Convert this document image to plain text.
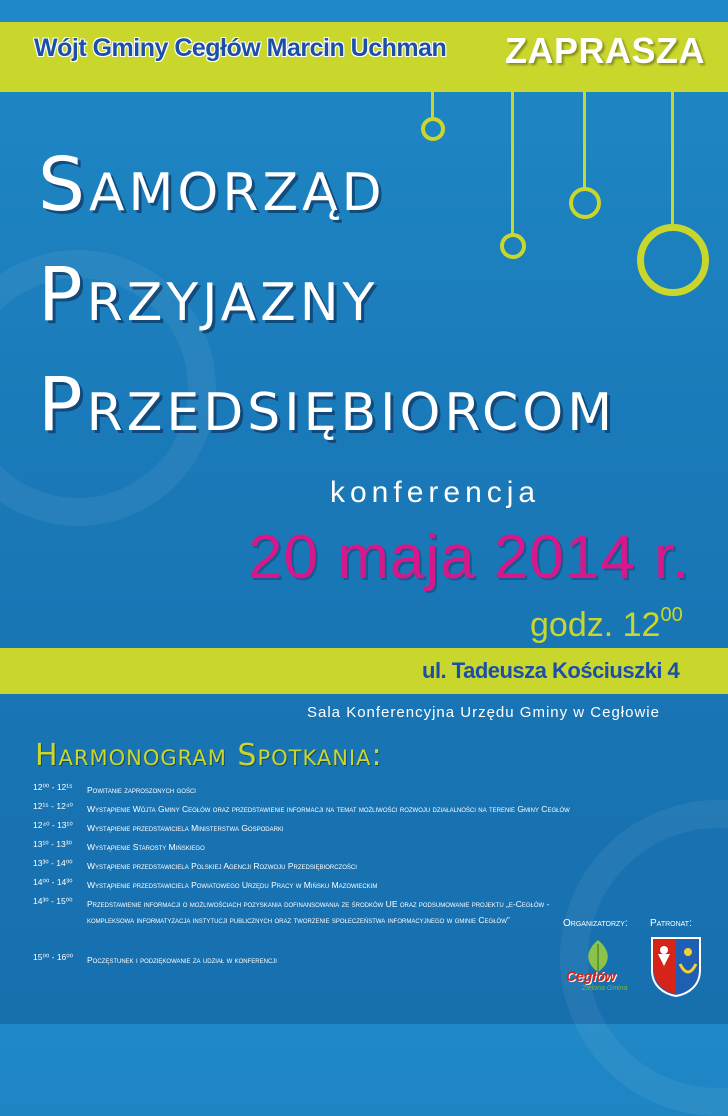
Wójt Gminy Cegłów Marcin Uchman ZAPRASZA
Samorząd
Przyjazny
Przedsiębiorcom
konferencja
20 maja 2014 r.
godz. $12^{00}$
ul. Tadeusza Kościuszki 4
Sala Konferencyjna Urzędu Gminy w Cegłowie
Harmonogram Spotkania:
12⁰⁰ - 12¹⁵	Powitanie zaproszonych gości
12¹⁵ - 12⁴⁰	Wystąpienie Wójta Gminy Cegłów oraz przedstawienie informacji na temat możliwości rozwoju działalności na terenie Gminy Cegłów
12⁴⁰ - 13¹⁰	Wystąpienie przedstawiciela Ministerstwa Gospodarki
13¹⁰ - 13³⁰	Wystąpienie Starosty Mińskiego
13³⁰ - 14⁰⁰	Wystąpienie przedstawiciela Polskiej Agencji Rozwoju Przedsiębiorczości
14⁰⁰ - 14³⁰	Wystąpienie przedstawiciela Powiatowego Urzędu Pracy w Mińsku Mazowieckim
14³⁰ - 15⁰⁰	Przedstawienie informacji o możliwościach pozyskania dofinansowania ze środków UE oraz podsumowanie projektu „e-Cegłów - kompleksowa informatyzacja instytucji publicznych oraz tworzenie społeczeństwa informacyjnego w gminie Cegłów”
15⁰⁰ - 16⁰⁰	Poczęstunek i podziękowanie za udział w konferencji
Organizatorzy: Patronat:
Cegłów
Zielona Gmina
